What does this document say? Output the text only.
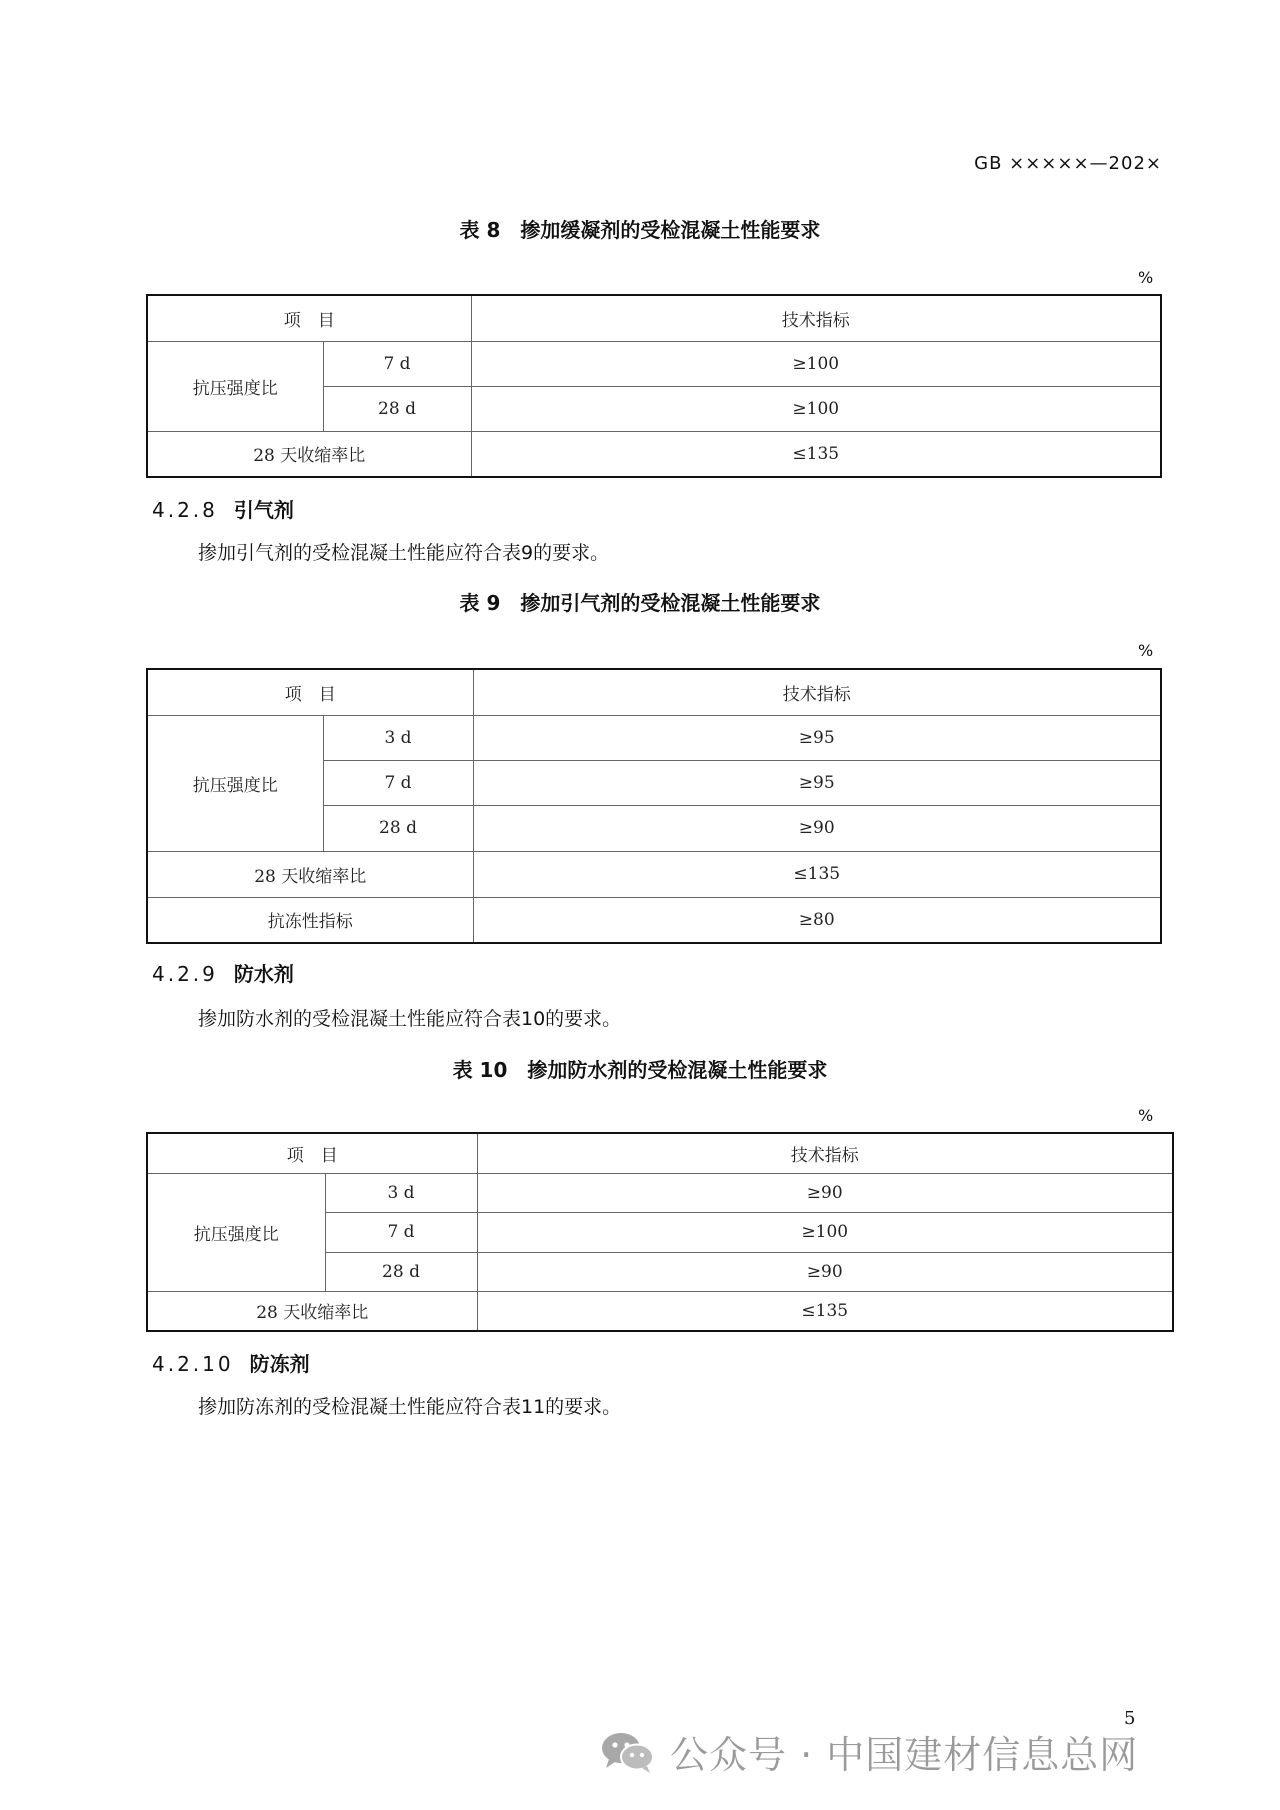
GB ×××××—202×
表 8　掺加缓凝剂的受检混凝土性能要求
%
项　目		技术指标
抗压强度比	7 d	≥100
	28 d	≥100
28 天收缩率比		≤135
4.2.8 引气剂
掺加引气剂的受检混凝土性能应符合表9的要求。
表 9　掺加引气剂的受检混凝土性能要求
%
项　目		技术指标
抗压强度比	3 d	≥95
	7 d	≥95
	28 d	≥90
28 天收缩率比		≤135
抗冻性指标		≥80
4.2.9 防水剂
掺加防水剂的受检混凝土性能应符合表10的要求。
表 10　掺加防水剂的受检混凝土性能要求
%
项　目		技术指标
抗压强度比	3 d	≥90
	7 d	≥100
	28 d	≥90
28 天收缩率比		≤135
4.2.10 防冻剂
掺加防冻剂的受检混凝土性能应符合表11的要求。
5
公众号 · 中国建材信息总网
